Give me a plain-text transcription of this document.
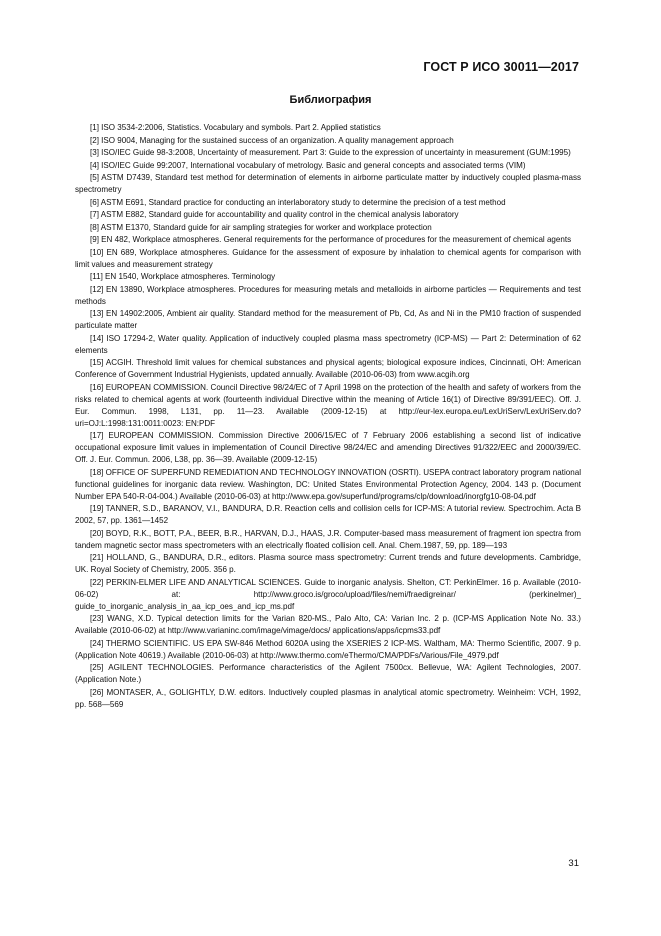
ГОСТ Р ИСО 30011—2017
Библиография

[1] ISO 3534-2:2006, Statistics. Vocabulary and symbols. Part 2. Applied statistics

[2] ISO 9004, Managing for the sustained success of an organization. A quality management approach

[3] ISO/IEC Guide 98-3:2008, Uncertainty of measurement. Part 3: Guide to the expression of uncertainty in measurement (GUM:1995)

[4] ISO/IEC Guide 99:2007, International vocabulary of metrology. Basic and general concepts and associated terms (VIM)

[5] ASTM D7439, Standard test method for determination of elements in airborne particulate matter by inductively coupled plasma-mass spectrometry

[6] ASTM E691, Standard practice for conducting an interlaboratory study to determine the precision of a test method

[7] ASTM E882, Standard guide for accountability and quality control in the chemical analysis laboratory

[8] ASTM E1370, Standard guide for air sampling strategies for worker and workplace protection

[9] EN 482, Workplace atmospheres. General requirements for the performance of procedures for the measurement of chemical agents

[10] EN 689, Workplace atmospheres. Guidance for the assessment of exposure by inhalation to chemical agents for comparison with limit values and measurement strategy

[11] EN 1540, Workplace atmospheres. Terminology

[12] EN 13890, Workplace atmospheres. Procedures for measuring metals and metalloids in airborne particles — Requirements and test methods

[13] EN 14902:2005, Ambient air quality. Standard method for the measurement of Pb, Cd, As and Ni in the PM10 fraction of suspended particulate matter

[14] ISO 17294-2, Water quality. Application of inductively coupled plasma mass spectrometry (ICP-MS) — Part 2: Determination of 62 elements

[15] ACGIH. Threshold limit values for chemical substances and physical agents; biological exposure indices, Cincinnati, OH: American Conference of Government Industrial Hygienists, updated annually. Available (2010-06-03) from www.acgih.org

[16] EUROPEAN COMMISSION. Council Directive 98/24/EC of 7 April 1998 on the protection of the health and safety of workers from the risks related to chemical agents at work (fourteenth individual Directive within the meaning of Article 16(1) of Directive 89/391/EEC). Off. J. Eur. Commun. 1998, L131, pp. 11—23. Available (2009-12-15) at http://eur-lex.europa.eu/LexUriServ/LexUriServ.do?uri=OJ:L:1998:131:0011:0023: EN:PDF

[17] EUROPEAN COMMISSION. Commission Directive 2006/15/EC of 7 February 2006 establishing a second list of indicative occupational exposure limit values in implementation of Council Directive 98/24/EC and amending Directives 91/322/EEC and 2000/39/EC. Off. J. Eur. Commun. 2006, L38, pp. 36—39. Available (2009-12-15)

[18] OFFICE OF SUPERFUND REMEDIATION AND TECHNOLOGY INNOVATION (OSRTI). USEPA contract laboratory program national functional guidelines for inorganic data review. Washington, DC: United States Environmental Protection Agency, 2004. 143 p. (Document Number EPA 540-R-04-004.) Available (2010-06-03) at http://www.epa.gov/superfund/programs/clp/download/inorgfg10-08-04.pdf

[19] TANNER, S.D., BARANOV, V.I., BANDURA, D.R. Reaction cells and collision cells for ICP-MS: A tutorial review. Spectrochim. Acta B 2002, 57, pp. 1361—1452

[20] BOYD, R.K., BOTT, P.A., BEER, B.R., HARVAN, D.J., HAAS, J.R. Computer-based mass measurement of fragment ion spectra from tandem magnetic sector mass spectrometers with an electrically floated collision cell. Anal. Chem.1987, 59, pp. 189—193

[21] HOLLAND, G., BANDURA, D.R., editors. Plasma source mass spectrometry: Current trends and future developments. Cambridge, UK. Royal Society of Chemistry, 2005. 356 p.

[22] PERKIN-ELMER LIFE AND ANALYTICAL SCIENCES. Guide to inorganic analysis. Shelton, CT: PerkinElmer. 16 p. Available (2010-06-02) at: http://www.groco.is/groco/upload/files/nemi/fraedigreinar/ (perkinelmer)_ guide_to_inorganic_analysis_in_aa_icp_oes_and_icp_ms.pdf

[23] WANG, X.D. Typical detection limits for the Varian 820-MS., Palo Alto, CA: Varian Inc. 2 p. (ICP-MS Application Note No. 33.) Available (2010-06-02) at http://www.varianinc.com/image/vimage/docs/ applications/apps/icpms33.pdf

[24] THERMO SCIENTIFIC. US EPA SW-846 Method 6020A using the XSERIES 2 ICP-MS. Waltham, MA: Thermo Scientific, 2007. 9 p. (Application Note 40619.) Available (2010-06-03) at http://www.thermo.com/eThermo/CMA/PDFs/Various/File_4979.pdf

[25] AGILENT TECHNOLOGIES. Performance characteristics of the Agilent 7500cx. Bellevue, WA: Agilent Technologies, 2007. (Application Note.)

[26] MONTASER, A., GOLIGHTLY, D.W. editors. Inductively coupled plasmas in analytical atomic spectrometry. Weinheim: VCH, 1992, pp. 568—569

31
